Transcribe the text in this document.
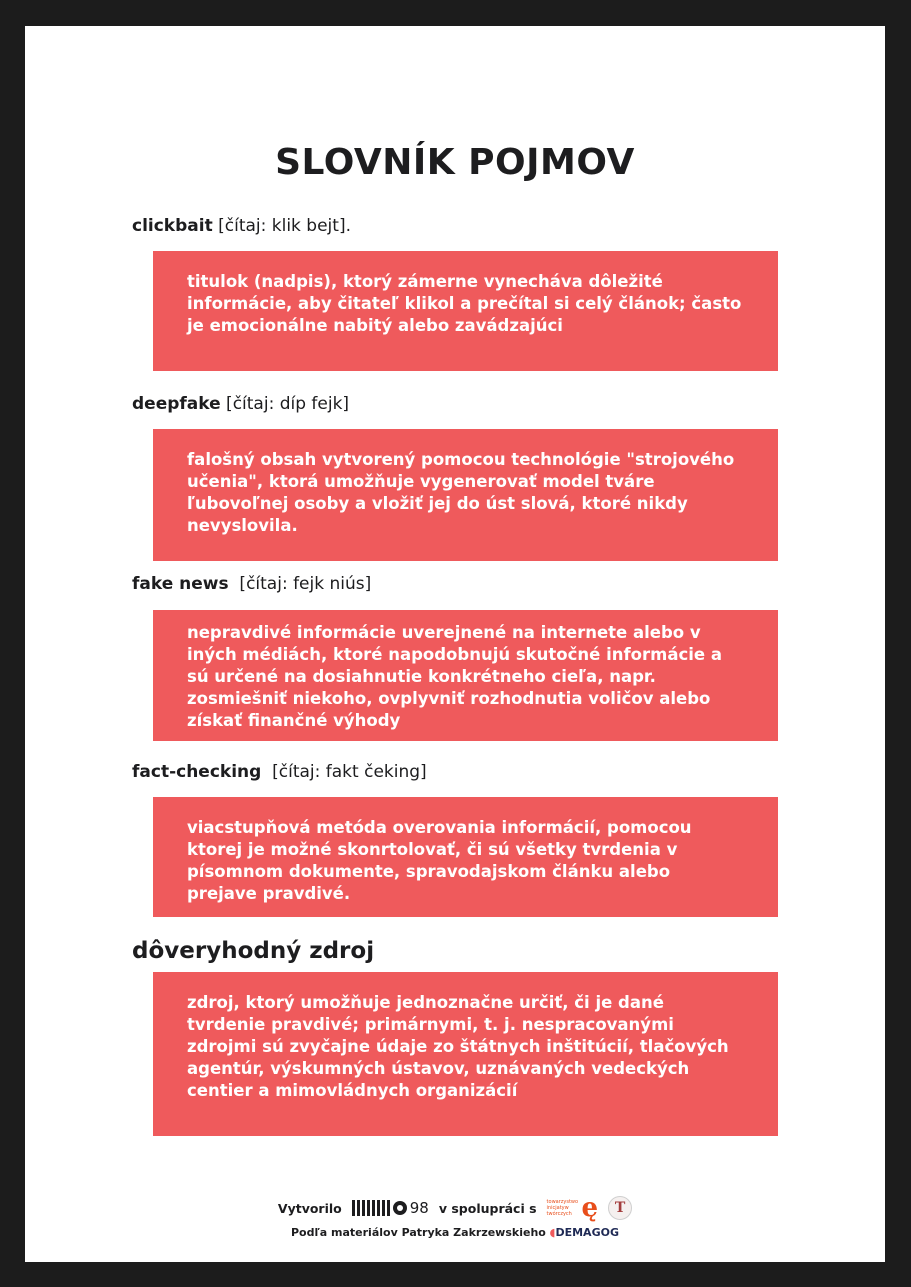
SLOVNÍK POJMOV
clickbait [čítaj: klik bejt].
titulok (nadpis), ktorý zámerne vynecháva dôležité informácie, aby čitateľ klikol a prečítal si celý článok; často je emocionálne nabitý alebo zavádzajúci
deepfake [čítaj: díp fejk]
falošný obsah vytvorený pomocou technológie "strojového učenia", ktorá umožňuje vygenerovať model tváre ľubovoľnej osoby a vložiť jej do úst slová, ktoré nikdy nevyslovila.
fake news  [čítaj: fejk niús]
nepravdivé informácie uverejnené na internete alebo v iných médiách, ktoré napodobnujú skutočné informácie a sú určené na dosiahnutie konkrétneho cieľa, napr. zosmiešniť niekoho, ovplyvniť rozhodnutia voličov alebo získať finančné výhody
fact-checking  [čítaj: fakt čeking]
viacstupňová metóda overovania informácií, pomocou ktorej je možné skonrtolovať, či sú všetky tvrdenia v písomnom dokumente, spravodajskom článku alebo prejave pravdivé.
dôveryhodný zdroj
zdroj, ktorý umožňuje jednoznačne určiť, či je dané tvrdenie pravdivé; primárnymi, t. j. nespracovanými zdrojmi sú zvyčajne údaje zo štátnych inštitúcií, tlačových agentúr, výskumných ústavov, uznávaných vedeckých centier a mimovládnych organizácií
Vytvorilo	98 v spolupráci s towarzystwo inicjatyw twórczych ę	T
Podľa materiálov Patryka Zakrzewskieho ◖DEMAGOG
